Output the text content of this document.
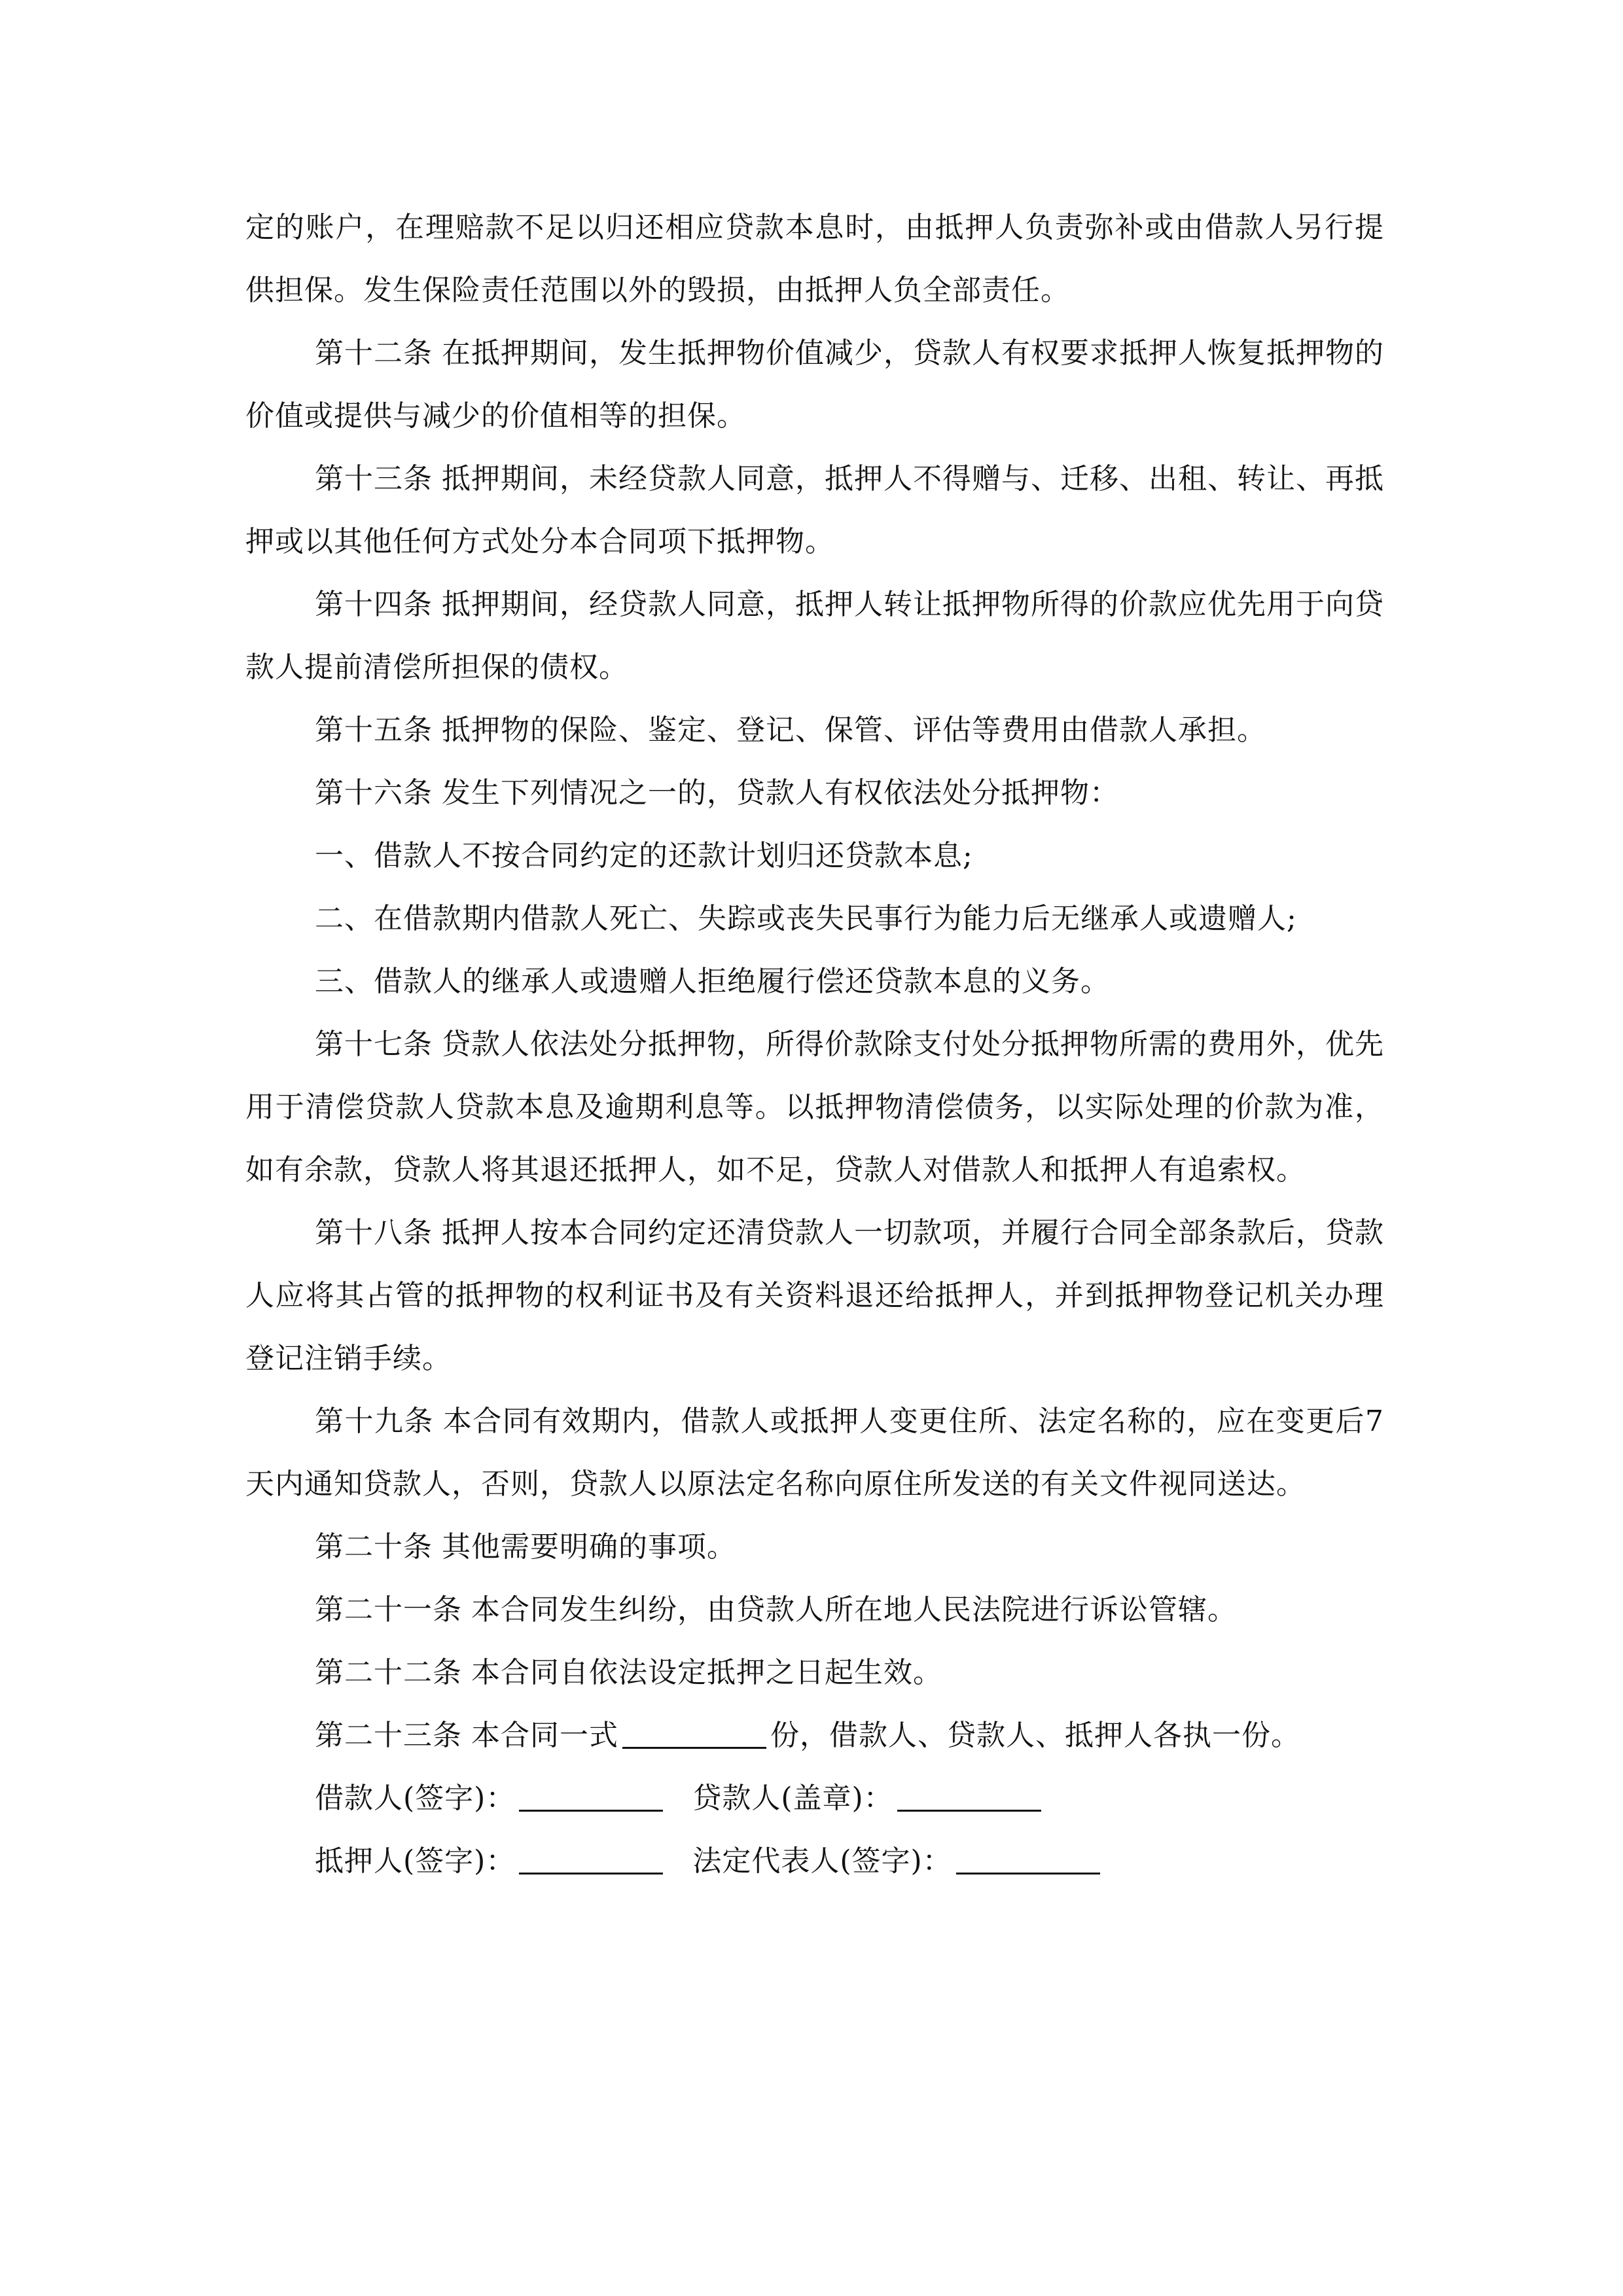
定的账户，在理赔款不足以归还相应贷款本息时，由抵押人负责弥补或由借款人另行提供担保。发生保险责任范围以外的毁损，由抵押人负全部责任。

第十二条 在抵押期间，发生抵押物价值减少，贷款人有权要求抵押人恢复抵押物的价值或提供与减少的价值相等的担保。

第十三条 抵押期间，未经贷款人同意，抵押人不得赠与、迁移、出租、转让、再抵押或以其他任何方式处分本合同项下抵押物。

第十四条 抵押期间，经贷款人同意，抵押人转让抵押物所得的价款应优先用于向贷款人提前清偿所担保的债权。

第十五条 抵押物的保险、鉴定、登记、保管、评估等费用由借款人承担。

第十六条 发生下列情况之一的，贷款人有权依法处分抵押物：

一、借款人不按合同约定的还款计划归还贷款本息;

二、在借款期内借款人死亡、失踪或丧失民事行为能力后无继承人或遗赠人;

三、借款人的继承人或遗赠人拒绝履行偿还贷款本息的义务。

第十七条 贷款人依法处分抵押物，所得价款除支付处分抵押物所需的费用外，优先用于清偿贷款人贷款本息及逾期利息等。以抵押物清偿债务，以实际处理的价款为准，如有余款，贷款人将其退还抵押人，如不足，贷款人对借款人和抵押人有追索权。

第十八条 抵押人按本合同约定还清贷款人一切款项，并履行合同全部条款后，贷款人应将其占管的抵押物的权利证书及有关资料退还给抵押人，并到抵押物登记机关办理登记注销手续。

第十九条 本合同有效期内，借款人或抵押人变更住所、法定名称的，应在变更后7天内通知贷款人，否则，贷款人以原法定名称向原住所发送的有关文件视同送达。

第二十条 其他需要明确的事项。

第二十一条 本合同发生纠纷，由贷款人所在地人民法院进行诉讼管辖。

第二十二条 本合同自依法设定抵押之日起生效。

第二十三条 本合同一式	份，借款人、贷款人、抵押人各执一份。

借款人(签字)：	贷款人(盖章)：

抵押人(签字)：	法定代表人(签字)：
